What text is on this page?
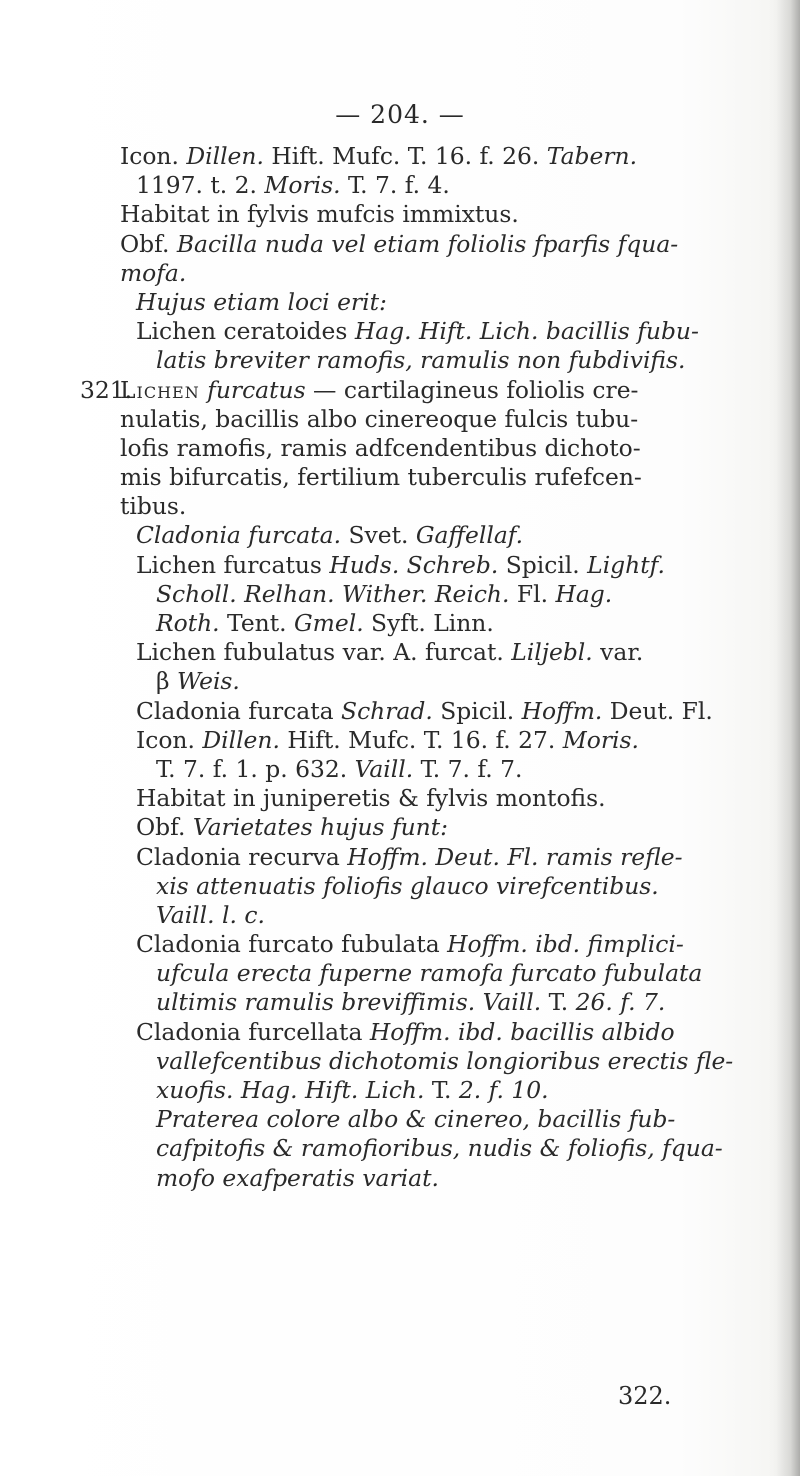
— 204. —
Icon. Dillen. Hift. Mufc. T. 16. f. 26. Tabern.
1197. t. 2. Moris. T. 7. f. 4.
Habitat in fylvis mufcis immixtus.
Obf. Bacilla nuda vel etiam foliolis fparfis fqua-
mofa.
Hujus etiam loci erit:
Lichen ceratoides Hag. Hift. Lich. bacillis fubu-
latis breviter ramofis, ramulis non fubdivifis.
321.
Lichen furcatus — cartilagineus foliolis cre-
nulatis, bacillis albo cinereoque fulcis tubu-
lofis ramofis, ramis adfcendentibus dichoto-
mis bifurcatis, fertilium tuberculis rufefcen-
tibus.
Cladonia furcata. Svet. Gaffellaf.
Lichen furcatus Huds. Schreb. Spicil. Lightf.
Scholl. Relhan. Wither. Reich. Fl. Hag.
Roth. Tent. Gmel. Syft. Linn.
Lichen fubulatus var. A. furcat. Liljebl. var.
β Weis.
Cladonia furcata Schrad. Spicil. Hoffm. Deut. Fl.
Icon. Dillen. Hift. Mufc. T. 16. f. 27. Moris.
T. 7. f. 1. p. 632. Vaill. T. 7. f. 7.
Habitat in juniperetis & fylvis montofis.
Obf. Varietates hujus funt:
Cladonia recurva Hoffm. Deut. Fl. ramis refle-
xis attenuatis foliofis glauco virefcentibus.
Vaill. l. c.
Cladonia furcato fubulata Hoffm. ibd. fimplici-
ufcula erecta fuperne ramofa furcato fubulata
ultimis ramulis breviffimis. Vaill. T. 26. f. 7.
Cladonia furcellata Hoffm. ibd. bacillis albido
vallefcentibus dichotomis longioribus erectis fle-
xuofis. Hag. Hift. Lich. T. 2. f. 10.
Praterea colore albo & cinereo, bacillis fub-
cafpitofis & ramofioribus, nudis & foliofis, fqua-
mofo exafperatis variat.
322.
